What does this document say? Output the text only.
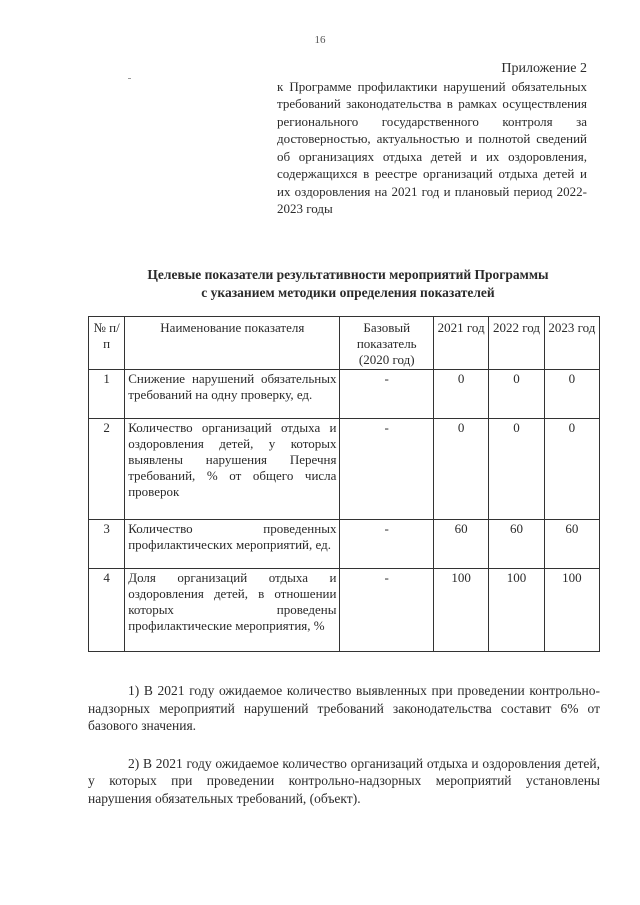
16
Приложение 2
к Программе профилактики нарушений обязательных требований законодательства в рамках осуществления регионального государственного контроля за достоверностью, актуальностью и полнотой сведений об организациях отдыха детей и их оздоровления, содержащихся в реестре организаций отдыха детей и их оздоровления на 2021 год и плановый период 2022-2023 годы
Целевые показатели результативности мероприятий Программы
с указанием методики определения показателей
№ п/п	Наименование показателя	Базовый показатель (2020 год)	2021 год	2022 год	2023 год
1	Снижение нарушений обязательных требований на одну проверку, ед.	-	0	0	0
2	Количество организаций отдыха и оздоровления детей, у которых выявлены нарушения Перечня требований, % от общего числа проверок	-	0	0	0
3	Количество проведенных профилактических мероприятий, ед.	-	60	60	60
4	Доля организаций отдыха и оздоровления детей, в отношении которых проведены профилактические мероприятия, %	-	100	100	100

1) В 2021 году ожидаемое количество выявленных при проведении контрольно-надзорных мероприятий нарушений требований законодательства составит 6% от базового значения.

2) В 2021 году ожидаемое количество организаций отдыха и оздоровления детей, у которых при проведении контрольно-надзорных мероприятий установлены нарушения обязательных требований, (объект).
